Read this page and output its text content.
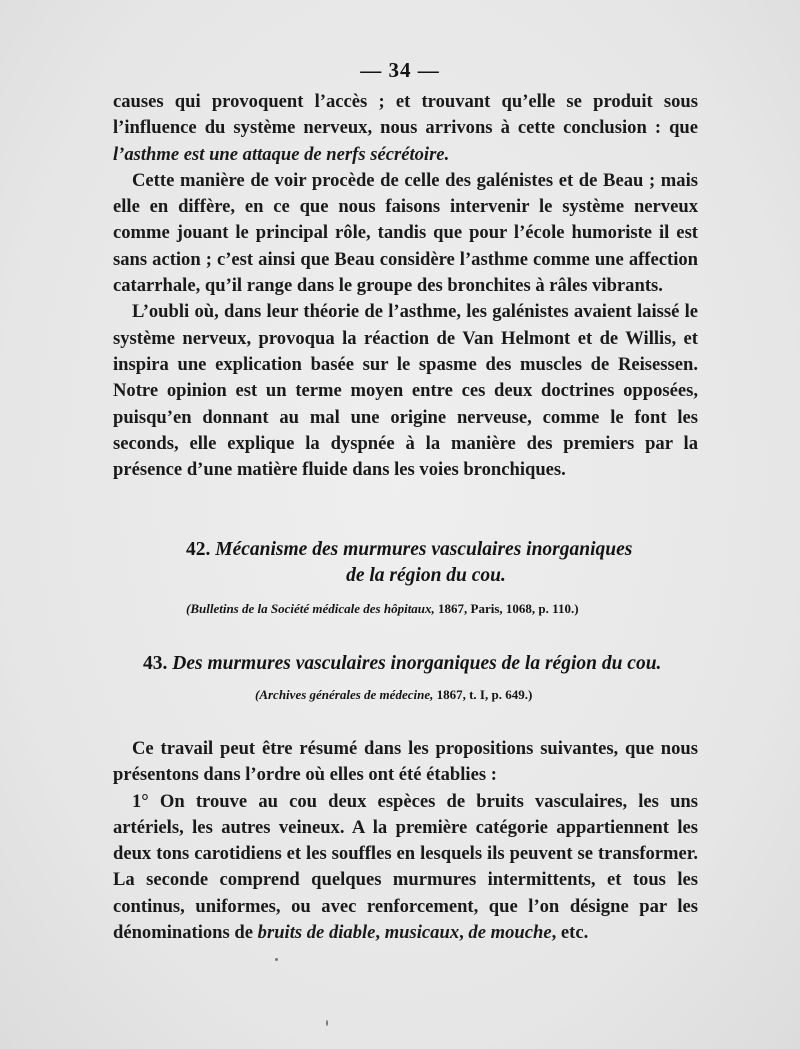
— 34 —

causes qui provoquent l’accès ; et trouvant qu’elle se produit sous l’influence du système nerveux, nous arrivons à cette conclusion : que l’asthme est une attaque de nerfs sécrétoire.

Cette manière de voir procède de celle des galénistes et de Beau ; mais elle en diffère, en ce que nous faisons intervenir le système nerveux comme jouant le principal rôle, tandis que pour l’école humoriste il est sans action ; c’est ainsi que Beau considère l’asthme comme une affection catarrhale, qu’il range dans le groupe des bronchites à râles vibrants.

L’oubli où, dans leur théorie de l’asthme, les galénistes avaient laissé le système nerveux, provoqua la réaction de Van Helmont et de Willis, et inspira une explication basée sur le spasme des muscles de Reisessen. Notre opinion est un terme moyen entre ces deux doctrines opposées, puisqu’en donnant au mal une origine nerveuse, comme le font les seconds, elle explique la dyspnée à la manière des premiers par la présence d’une matière fluide dans les voies bronchiques.

42. Mécanisme des murmures vasculaires inorganiques

de la région du cou.

(Bulletins de la Société médicale des hôpitaux, 1867, Paris, 1068, p. 110.)

43. Des murmures vasculaires inorganiques de la région du cou.

(Archives générales de médecine, 1867, t. I, p. 649.)

Ce travail peut être résumé dans les propositions suivantes, que nous présentons dans l’ordre où elles ont été établies :

1° On trouve au cou deux espèces de bruits vasculaires, les uns artériels, les autres veineux. A la première catégorie appartiennent les deux tons carotidiens et les souffles en lesquels ils peuvent se transformer. La seconde comprend quelques murmures intermittents, et tous les continus, uniformes, ou avec renforcement, que l’on désigne par les dénominations de bruits de diable, musicaux, de mouche, etc.
